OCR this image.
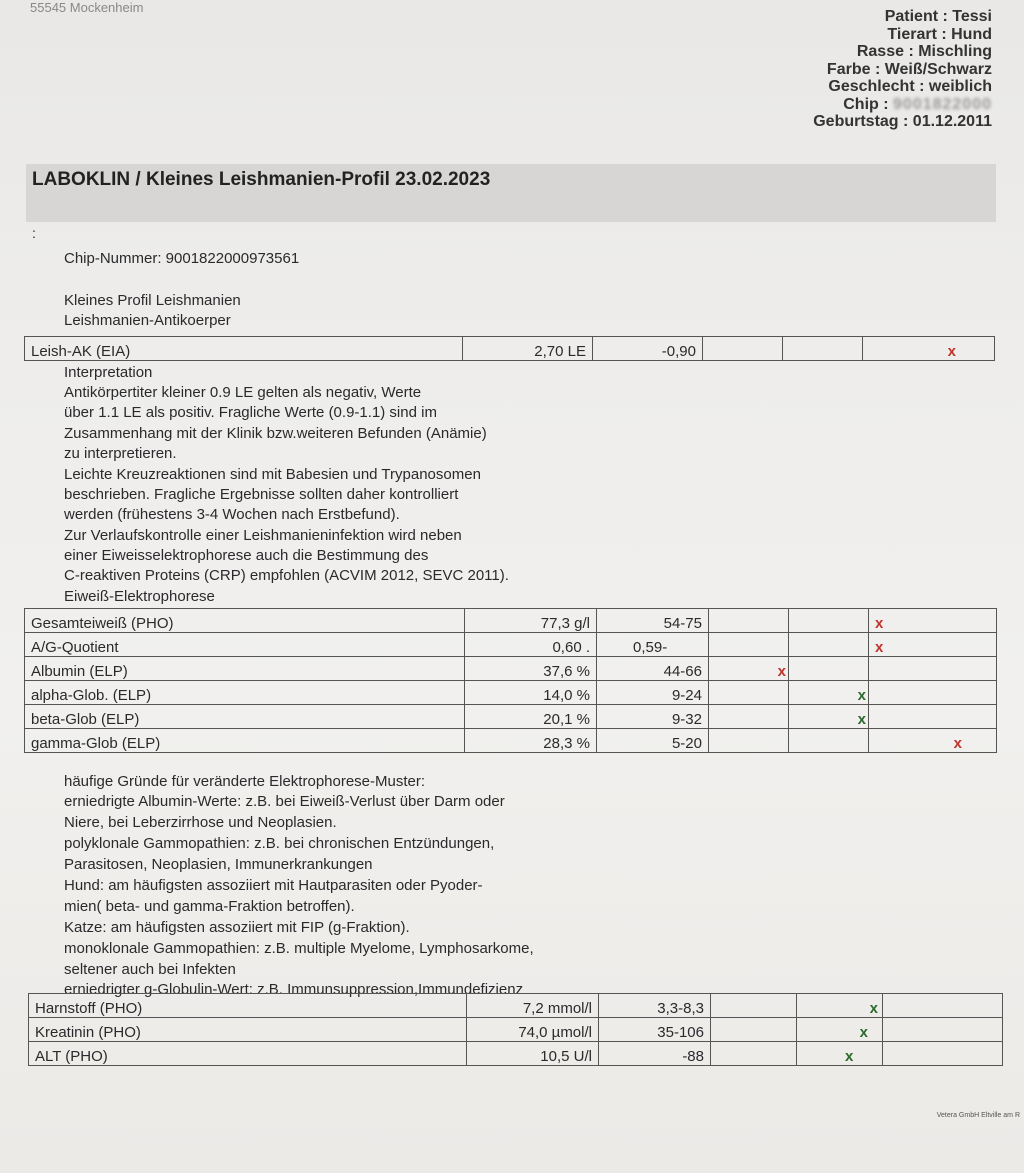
55545 Mockenheim
Patient : Tessi
Tierart : Hund
Rasse : Mischling
Farbe : Weiß/Schwarz
Geschlecht : weiblich
Chip : 9001822000
Geburtstag : 01.12.2011
LABOKLIN / Kleines Leishmanien-Profil 23.02.2023
:
Chip-Nummer: 9001822000973561
Kleines Profil Leishmanien
Leishmanien-Antikoerper
Leish-AK (EIA)	2,70 LE	-0,90			x
Interpretation
Antikörpertiter kleiner 0.9 LE gelten als negativ, Werte
über 1.1 LE als positiv. Fragliche Werte (0.9-1.1) sind im
Zusammenhang mit der Klinik bzw.weiteren Befunden (Anämie)
zu interpretieren.
Leichte Kreuzreaktionen sind mit Babesien und Trypanosomen
beschrieben. Fragliche Ergebnisse sollten daher kontrolliert
werden (frühestens 3-4 Wochen nach Erstbefund).
Zur Verlaufskontrolle einer Leishmanieninfektion wird neben
einer Eiweisselektrophorese auch die Bestimmung des
C-reaktiven Proteins (CRP) empfohlen (ACVIM 2012, SEVC 2011).
Eiweiß-Elektrophorese
Gesamteiweiß (PHO)	77,3 g/l	54-75			x
A/G-Quotient	0,60 .	0,59-			x
Albumin (ELP)	37,6 %	44-66	x		
alpha-Glob. (ELP)	14,0 %	9-24		x	
beta-Glob (ELP)	20,1 %	9-32		x	
gamma-Glob (ELP)	28,3 %	5-20			x
häufige Gründe für veränderte Elektrophorese-Muster:
erniedrigte Albumin-Werte: z.B. bei Eiweiß-Verlust über Darm oder
Niere, bei Leberzirrhose und Neoplasien.
polyklonale Gammopathien: z.B. bei chronischen Entzündungen,
Parasitosen, Neoplasien, Immunerkrankungen
Hund: am häufigsten assoziiert mit Hautparasiten oder Pyoder-
mien( beta- und gamma-Fraktion betroffen).
Katze: am häufigsten assoziiert mit FIP (g-Fraktion).
monoklonale Gammopathien: z.B. multiple Myelome, Lymphosarkome,
seltener auch bei Infekten
erniedrigter g-Globulin-Wert: z.B. Immunsuppression,Immundefizienz
Harnstoff (PHO)	7,2 mmol/l	3,3-8,3		x	
Kreatinin (PHO)	74,0 µmol/l	35-106		x	
ALT (PHO)	10,5 U/l	-88		x	
Vetera GmbH Eltville am R
